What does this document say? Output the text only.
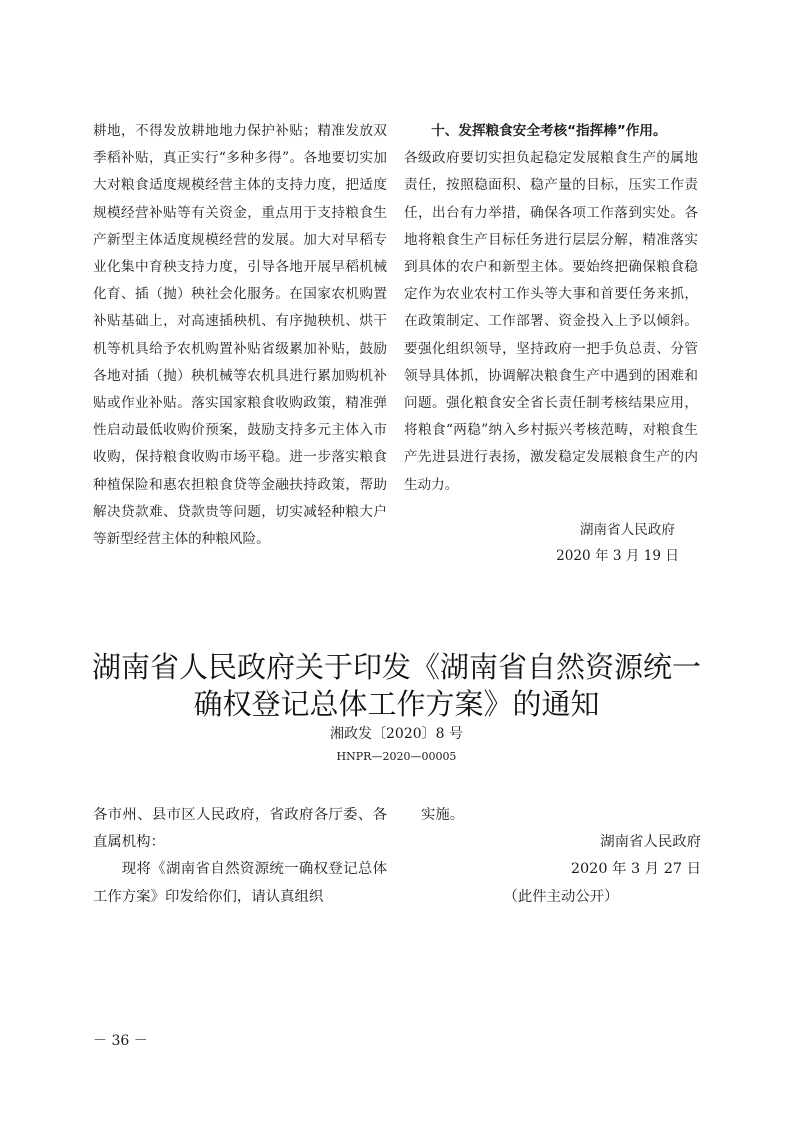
耕地，不得发放耕地地力保护补贴；精准发放双季稻补贴，真正实行“多种多得”。各地要切实加大对粮食适度规模经营主体的支持力度，把适度规模经营补贴等有关资金，重点用于支持粮食生产新型主体适度规模经营的发展。加大对早稻专业化集中育秧支持力度，引导各地开展早稻机械化育、插（抛）秧社会化服务。在国家农机购置补贴基础上，对高速插秧机、有序抛秧机、烘干机等机具给予农机购置补贴省级累加补贴，鼓励各地对插（抛）秧机械等农机具进行累加购机补贴或作业补贴。落实国家粮食收购政策，精准弹性启动最低收购价预案，鼓励支持多元主体入市收购，保持粮食收购市场平稳。进一步落实粮食种植保险和惠农担粮食贷等金融扶持政策，帮助解决贷款难、贷款贵等问题，切实减轻种粮大户等新型经营主体的种粮风险。

十、发挥粮食安全考核“指挥棒”作用。

各级政府要切实担负起稳定发展粮食生产的属地责任，按照稳面积、稳产量的目标，压实工作责任，出台有力举措，确保各项工作落到实处。各地将粮食生产目标任务进行层层分解，精准落实到具体的农户和新型主体。要始终把确保粮食稳定作为农业农村工作头等大事和首要任务来抓，在政策制定、工作部署、资金投入上予以倾斜。要强化组织领导，坚持政府一把手负总责、分管领导具体抓，协调解决粮食生产中遇到的困难和问题。强化粮食安全省长责任制考核结果应用，将粮食“两稳”纳入乡村振兴考核范畴，对粮食生产先进县进行表扬，激发稳定发展粮食生产的内生动力。

湖南省人民政府
2020 年 3 月 19 日
湖南省人民政府关于印发《湖南省自然资源统一
确权登记总体工作方案》的通知
湘政发〔2020〕8 号
HNPR—2020—00005

各市州、县市区人民政府，省政府各厅委、各直属机构：

现将《湖南省自然资源统一确权登记总体工作方案》印发给你们，请认真组织

实施。

湖南省人民政府

2020 年 3 月 27 日

（此件主动公开）

－ 36 －
